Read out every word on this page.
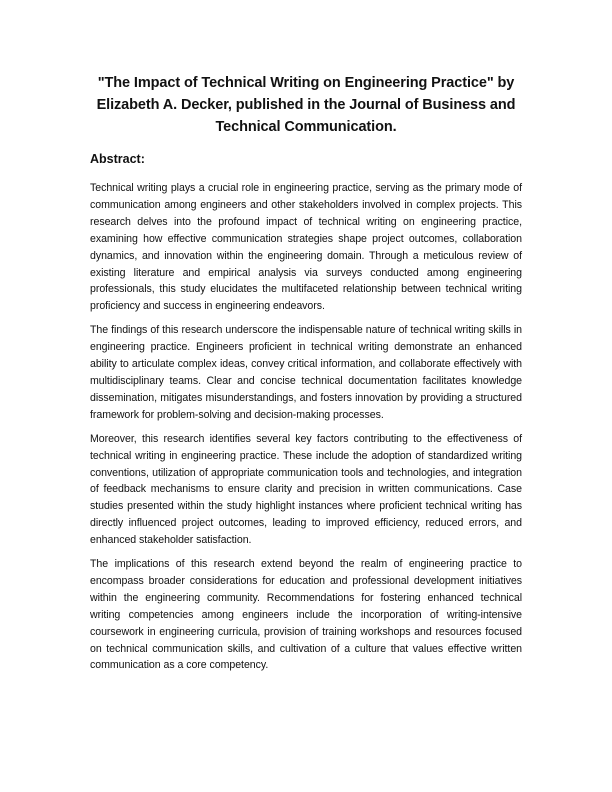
"The Impact of Technical Writing on Engineering Practice" by Elizabeth A. Decker, published in the Journal of Business and Technical Communication.
Abstract:

Technical writing plays a crucial role in engineering practice, serving as the primary mode of communication among engineers and other stakeholders involved in complex projects. This research delves into the profound impact of technical writing on engineering practice, examining how effective communication strategies shape project outcomes, collaboration dynamics, and innovation within the engineering domain. Through a meticulous review of existing literature and empirical analysis via surveys conducted among engineering professionals, this study elucidates the multifaceted relationship between technical writing proficiency and success in engineering endeavors.

The findings of this research underscore the indispensable nature of technical writing skills in engineering practice. Engineers proficient in technical writing demonstrate an enhanced ability to articulate complex ideas, convey critical information, and collaborate effectively with multidisciplinary teams. Clear and concise technical documentation facilitates knowledge dissemination, mitigates misunderstandings, and fosters innovation by providing a structured framework for problem-solving and decision-making processes.

Moreover, this research identifies several key factors contributing to the effectiveness of technical writing in engineering practice. These include the adoption of standardized writing conventions, utilization of appropriate communication tools and technologies, and integration of feedback mechanisms to ensure clarity and precision in written communications. Case studies presented within the study highlight instances where proficient technical writing has directly influenced project outcomes, leading to improved efficiency, reduced errors, and enhanced stakeholder satisfaction.

The implications of this research extend beyond the realm of engineering practice to encompass broader considerations for education and professional development initiatives within the engineering community. Recommendations for fostering enhanced technical writing competencies among engineers include the incorporation of writing-intensive coursework in engineering curricula, provision of training workshops and resources focused on technical communication skills, and cultivation of a culture that values effective written communication as a core competency.
